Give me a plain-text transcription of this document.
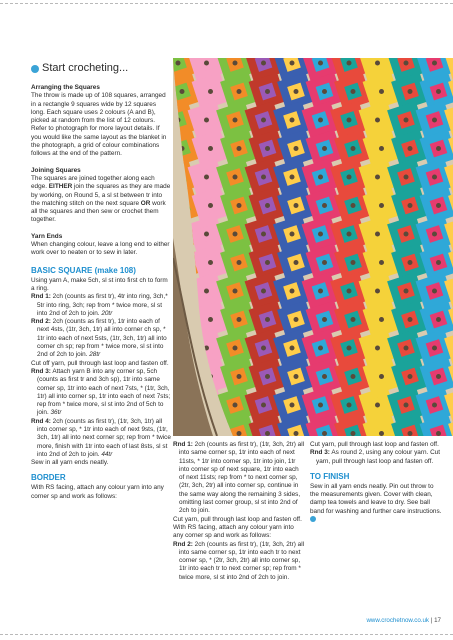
Start crocheting...

Arranging the Squares

The throw is made up of 108 squares, arranged in a rectangle 9 squares wide by 12 squares long. Each square uses 2 colours (A and B), picked at random from the list of 12 colours. Refer to photograph for more layout details. If you would like the same layout as the blanket in the photograph, a grid of colour combinations follows at the end of the pattern.

Joining Squares

The squares are joined together along each edge. EITHER join the squares as they are made by working, on Round 5, a sl st between tr into the matching stitch on the next square OR work all the squares and then sew or crochet them together.

Yarn Ends

When changing colour, leave a long end to either work over to neaten or to sew in later.

BASIC SQUARE (make 108)

Using yarn A, make 5ch, sl st into first ch to form a ring.

Rnd 1: 2ch (counts as first tr), 4tr into ring, 3ch,* 5tr into ring, 3ch; rep from * twice more, sl st into 2nd of 2ch to join. 20tr

Rnd 2: 2ch (counts as first tr), 1tr into each of next 4sts, (1tr, 3ch, 1tr) all into corner ch sp, * 1tr into each of next 5sts, (1tr, 3ch, 1tr) all into corner ch sp; rep from * twice more, sl st into 2nd of 2ch to join. 28tr

Cut off yarn, pull through last loop and fasten off.

Rnd 3: Attach yarn B into any corner sp, 5ch (counts as first tr and 3ch sp), 1tr into same corner sp, 1tr into each of next 7sts, * (1tr, 3ch, 1tr) all into corner sp, 1tr into each of next 7sts; rep from * twice more, sl st into 2nd of 5ch to join. 36tr

Rnd 4: 2ch (counts as first tr), (1tr, 3ch, 1tr) all into corner sp, * 1tr into each of next 9sts, (1tr, 3ch, 1tr) all into next corner sp; rep from * twice more, finish with 1tr into each of last 8sts, sl st into 2nd of 2ch to join. 44tr

Sew in all yarn ends neatly.

BORDER

With RS facing, attach any colour yarn into any corner sp and work as follows:

Rnd 1: 2ch (counts as first tr), (1tr, 3ch, 2tr) all into same corner sp, 1tr into each of next 11sts, * 1tr into corner sp, 1tr into join, 1tr into corner sp of next square, 1tr into each of next 11sts; rep from * to next corner sp, (2tr, 3ch, 2tr) all into corner sp, continue in the same way along the remaining 3 sides, omitting last corner group, sl st into 2nd of 2ch to join.

Cut yarn, pull through last loop and fasten off.

With RS facing, attach any colour yarn into any corner sp and work as follows:

Rnd 2: 2ch (counts as first tr), (1tr, 3ch, 2tr) all into same corner sp, 1tr into each tr to next corner sp, * (2tr, 3ch, 2tr) all into corner sp, 1tr into each tr to next corner sp; rep from * twice more, sl st into 2nd of 2ch to join.

Cut yarn, pull through last loop and fasten off.

Rnd 3: As round 2, using any colour yarn. Cut yarn, pull through last loop and fasten off.

TO FINISH

Sew in all yarn ends neatly. Pin out throw to the measurements given. Cover with clean, damp tea towels and leave to dry. See ball band for washing and further care instructions.

www.crochetnow.co.uk | 17
